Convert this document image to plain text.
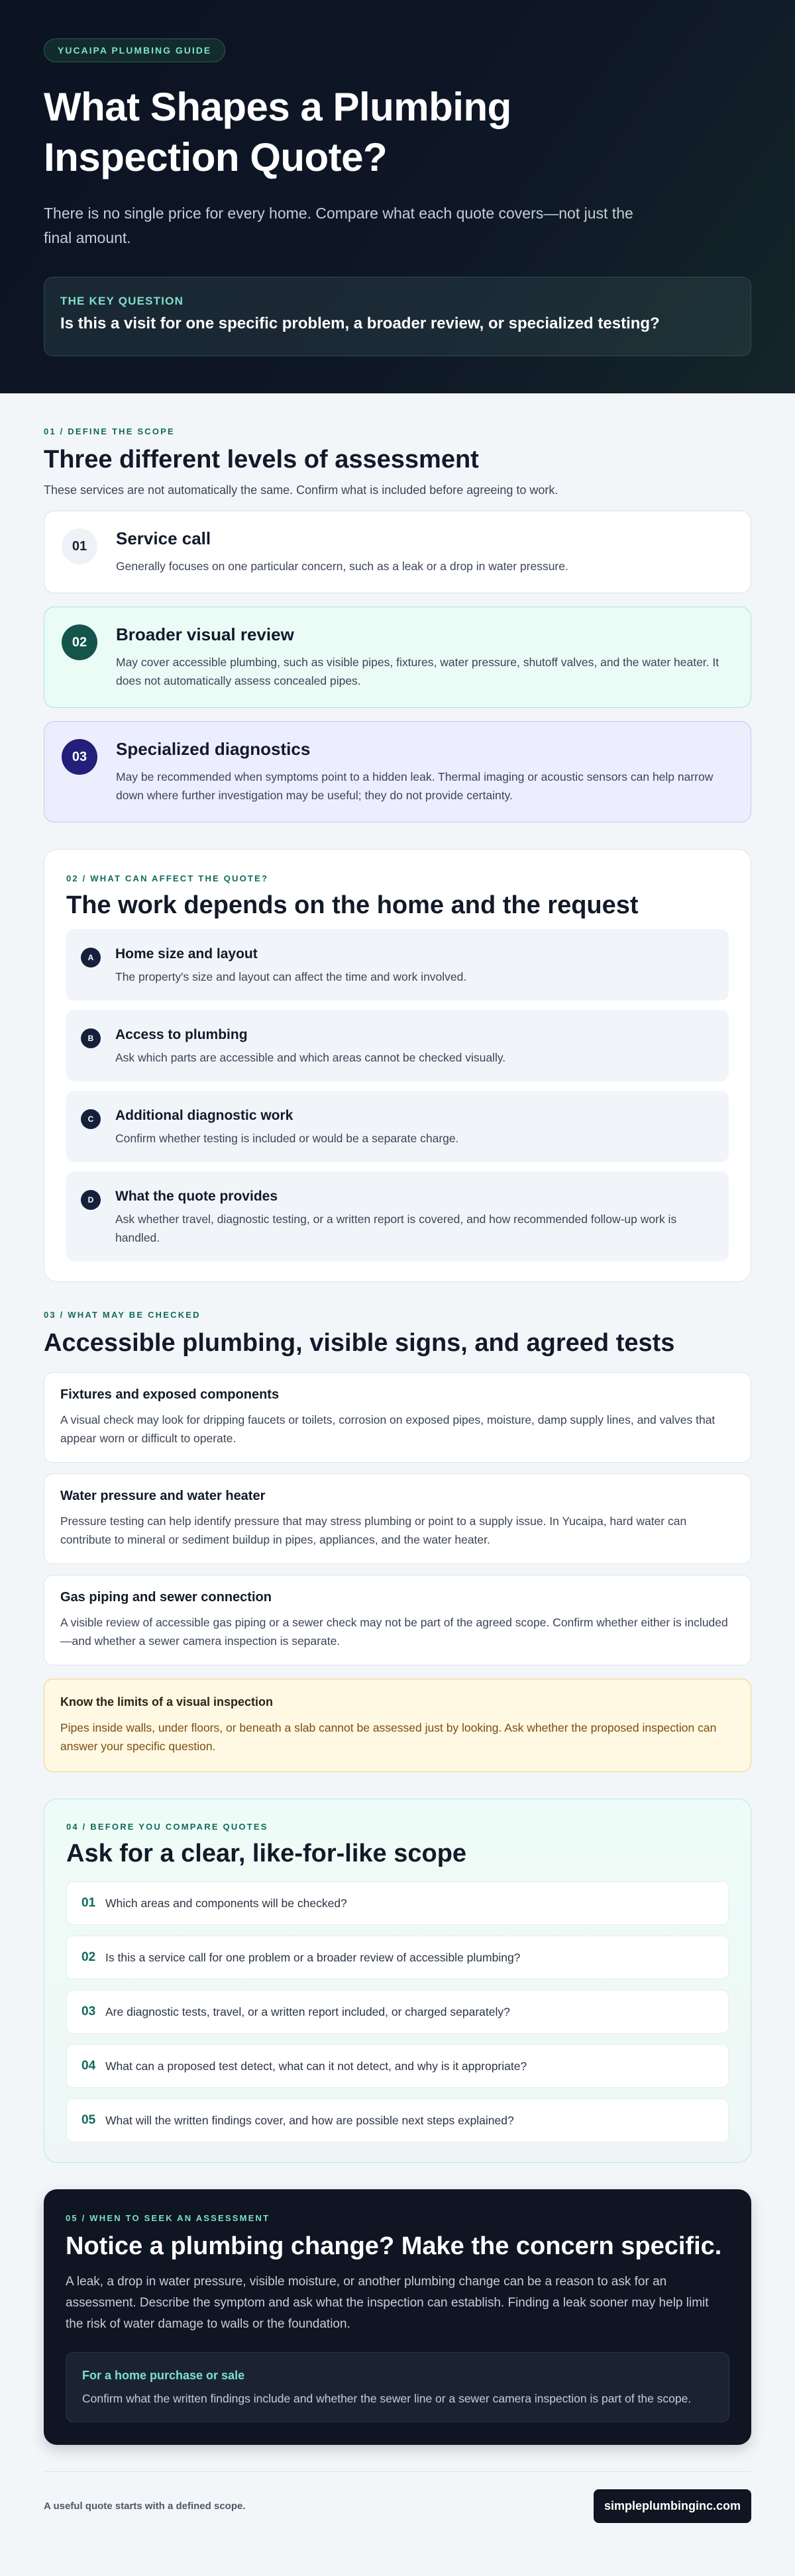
YUCAIPA PLUMBING GUIDE
What Shapes a Plumbing Inspection Quote?

There is no single price for every home. Compare what each quote covers—not just the final amount.

THE KEY QUESTION
Is this a visit for one specific problem, a broader review, or specialized testing?
01 / DEFINE THE SCOPE
Three different levels of assessment

These services are not automatically the same. Confirm what is included before agreeing to work.

01	Service call
Generally focuses on one particular concern, such as a leak or a drop in water pressure.
02	Broader visual review
May cover accessible plumbing, such as visible pipes, fixtures, water pressure, shutoff valves, and the water heater. It does not automatically assess concealed pipes.
03	Specialized diagnostics
May be recommended when symptoms point to a hidden leak. Thermal imaging or acoustic sensors can help narrow down where further investigation may be useful; they do not provide certainty.
02 / WHAT CAN AFFECT THE QUOTE?
The work depends on the home and the request
A	Home size and layout
The property's size and layout can affect the time and work involved.
B	Access to plumbing
Ask which parts are accessible and which areas cannot be checked visually.
C	Additional diagnostic work
Confirm whether testing is included or would be a separate charge.
D	What the quote provides
Ask whether travel, diagnostic testing, or a written report is covered, and how recommended follow-up work is handled.
03 / WHAT MAY BE CHECKED
Accessible plumbing, visible signs, and agreed tests
Fixtures and exposed components
A visual check may look for dripping faucets or toilets, corrosion on exposed pipes, moisture, damp supply lines, and valves that appear worn or difficult to operate.
Water pressure and water heater
Pressure testing can help identify pressure that may stress plumbing or point to a supply issue. In Yucaipa, hard water can contribute to mineral or sediment buildup in pipes, appliances, and the water heater.
Gas piping and sewer connection
A visible review of accessible gas piping or a sewer check may not be part of the agreed scope. Confirm whether either is included—and whether a sewer camera inspection is separate.
Know the limits of a visual inspection
Pipes inside walls, under floors, or beneath a slab cannot be assessed just by looking. Ask whether the proposed inspection can answer your specific question.
04 / BEFORE YOU COMPARE QUOTES
Ask for a clear, like-for-like scope
01 Which areas and components will be checked?
02 Is this a service call for one problem or a broader review of accessible plumbing?
03 Are diagnostic tests, travel, or a written report included, or charged separately?
04 What can a proposed test detect, what can it not detect, and why is it appropriate?
05 What will the written findings cover, and how are possible next steps explained?
05 / WHEN TO SEEK AN ASSESSMENT
Notice a plumbing change? Make the concern specific.

A leak, a drop in water pressure, visible moisture, or another plumbing change can be a reason to ask for an assessment. Describe the symptom and ask what the inspection can establish. Finding a leak sooner may help limit the risk of water damage to walls or the foundation.

For a home purchase or sale
Confirm what the written findings include and whether the sewer line or a sewer camera inspection is part of the scope.
A useful quote starts with a defined scope.	simpleplumbinginc.com
